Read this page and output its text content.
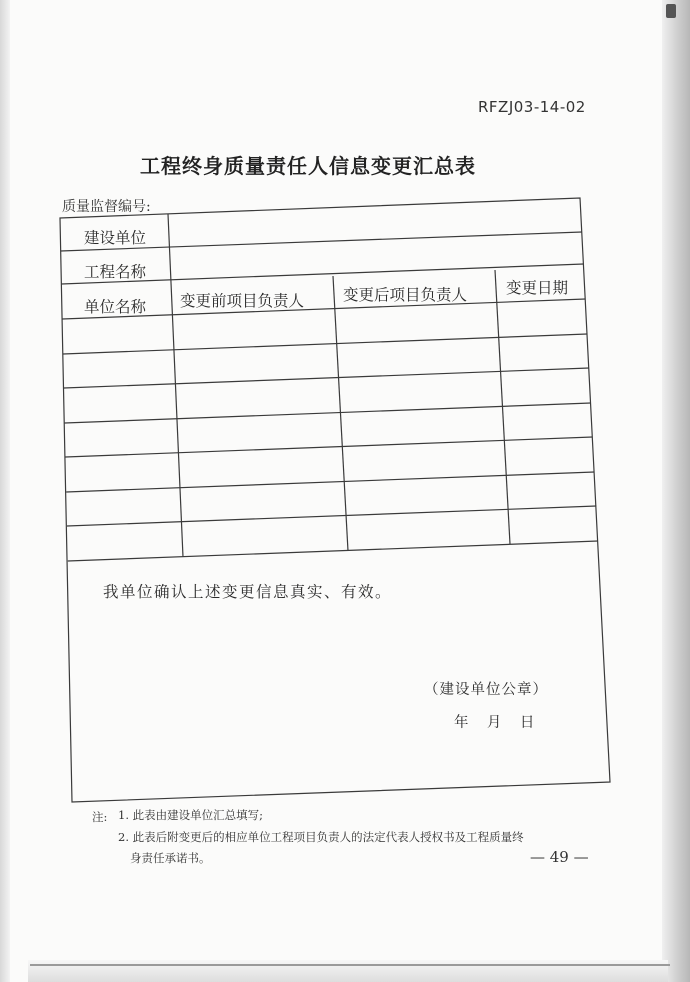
RFZJ03-14-02
工程终身质量责任人信息变更汇总表
质量监督编号:
建设单位
工程名称
单位名称 变更前项目负责人	变更后项目负责人	变更日期
我单位确认上述变更信息真实、有效。
（建设单位公章）
年    月    日
注: 1. 此表由建设单位汇总填写;
2. 此表后附变更后的相应单位工程项目负责人的法定代表人授权书及工程质量终
身责任承诺书。	— 49 —
